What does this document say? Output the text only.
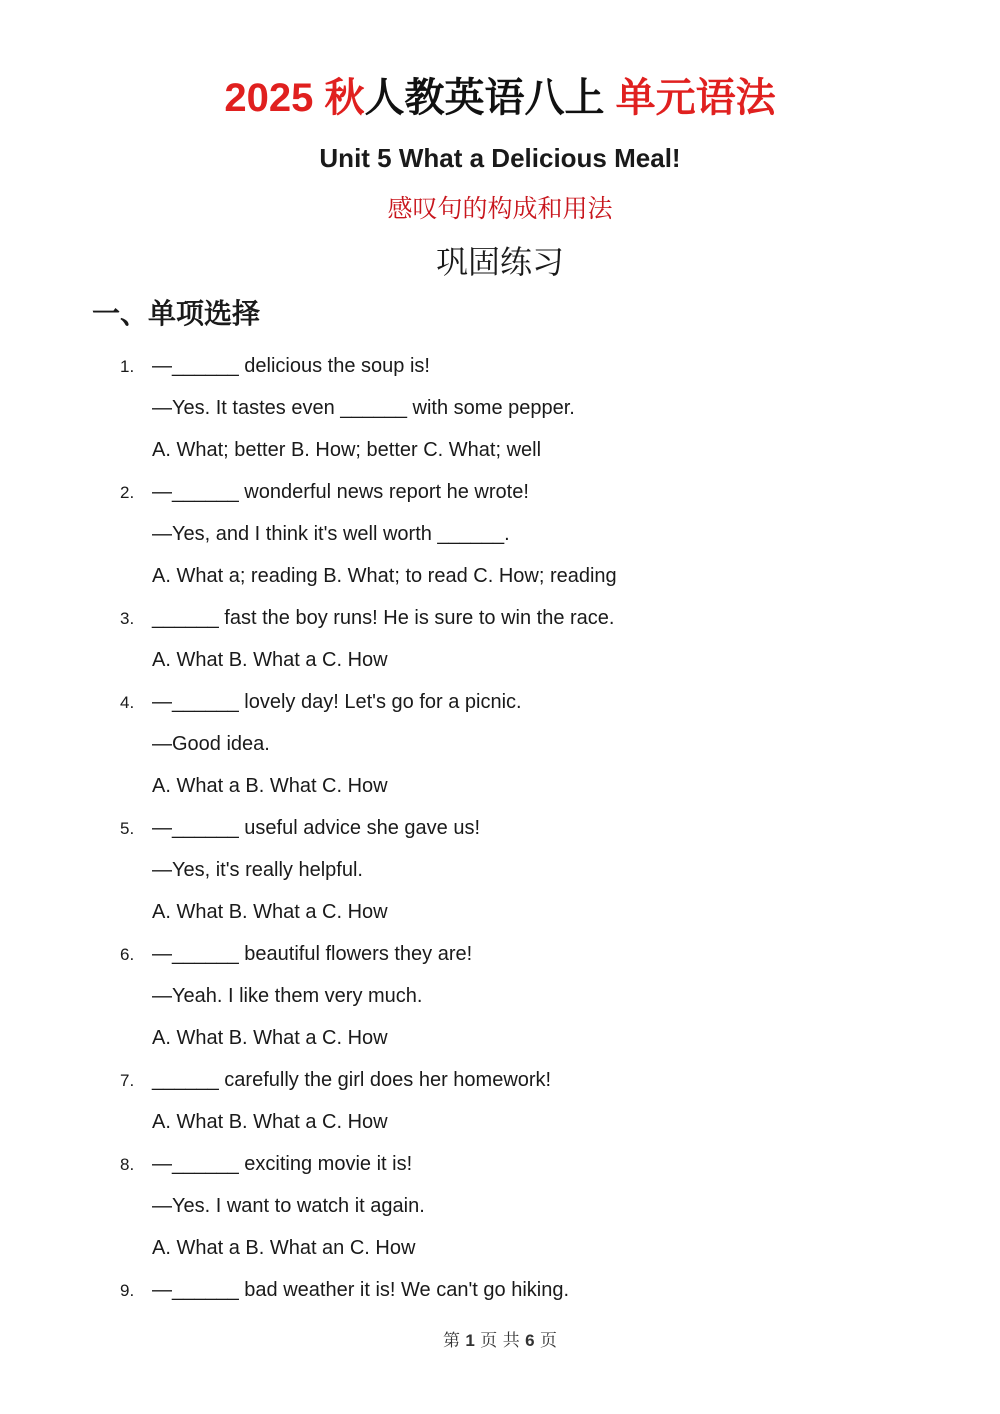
2025 秋人教英语八上 单元语法
Unit 5 What a Delicious Meal!
感叹句的构成和用法
巩固练习
一、单项选择
1. —______ delicious the soup is!
—Yes. It tastes even ______ with some pepper.
A. What; better B. How; better C. What; well
2. —______ wonderful news report he wrote!
—Yes, and I think it's well worth ______.
A. What a; reading B. What; to read C. How; reading
3. ______ fast the boy runs! He is sure to win the race.
A. What B. What a C. How
4. —______ lovely day! Let's go for a picnic.
—Good idea.
A. What a B. What C. How
5. —______ useful advice she gave us!
—Yes, it's really helpful.
A. What B. What a C. How
6. —______ beautiful flowers they are!
—Yeah. I like them very much.
A. What B. What a C. How
7. ______ carefully the girl does her homework!
A. What B. What a C. How
8. —______ exciting movie it is!
—Yes. I want to watch it again.
A. What a B. What an C. How
9. —______ bad weather it is! We can't go hiking.
第 1 页 共 6 页
